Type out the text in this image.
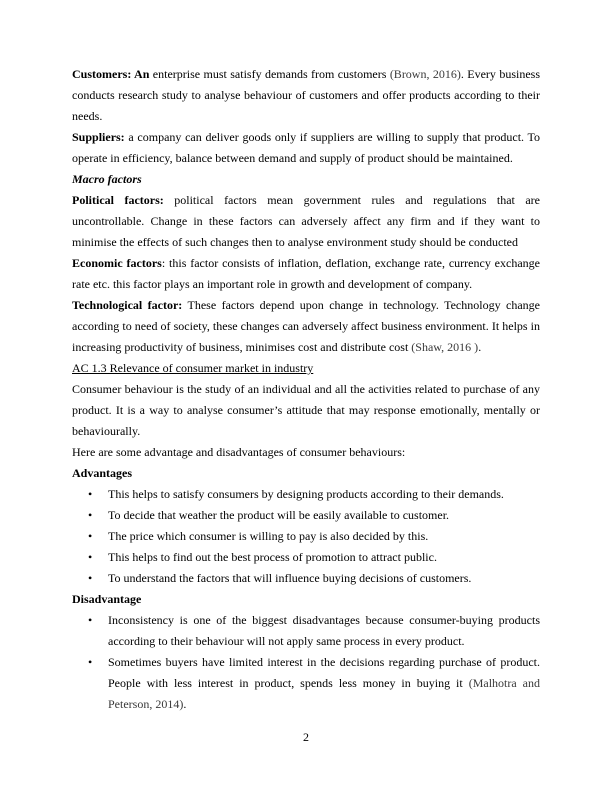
Customers: An enterprise must satisfy demands from customers (Brown, 2016). Every business conducts research study to analyse behaviour of customers and offer products according to their needs.

Suppliers: a company can deliver goods only if suppliers are willing to supply that product. To operate in efficiency, balance between demand and supply of product should be maintained.

Macro factors

Political factors: political factors mean government rules and regulations that are uncontrollable. Change in these factors can adversely affect any firm and if they want to minimise the effects of such changes then to analyse environment study should be conducted

Economic factors: this factor consists of inflation, deflation, exchange rate, currency exchange rate etc. this factor plays an important role in growth and development of company.

Technological factor: These factors depend upon change in technology. Technology change according to need of society, these changes can adversely affect business environment. It helps in increasing productivity of business, minimises cost and distribute cost (Shaw, 2016 ).

AC 1.3 Relevance of consumer market in industry

Consumer behaviour is the study of an individual and all the activities related to purchase of any product. It is a way to analyse consumer’s attitude that may response emotionally, mentally or behaviourally.

Here are some advantage and disadvantages of consumer behaviours:

Advantages

• This helps to satisfy consumers by designing products according to their demands.
• To decide that weather the product will be easily available to customer.
• The price which consumer is willing to pay is also decided by this.
• This helps to find out the best process of promotion to attract public.
• To understand the factors that will influence buying decisions of customers.

Disadvantage

• Inconsistency is one of the biggest disadvantages because consumer-buying products according to their behaviour will not apply same process in every product.
• Sometimes buyers have limited interest in the decisions regarding purchase of product. People with less interest in product, spends less money in buying it (Malhotra and Peterson, 2014).
2
